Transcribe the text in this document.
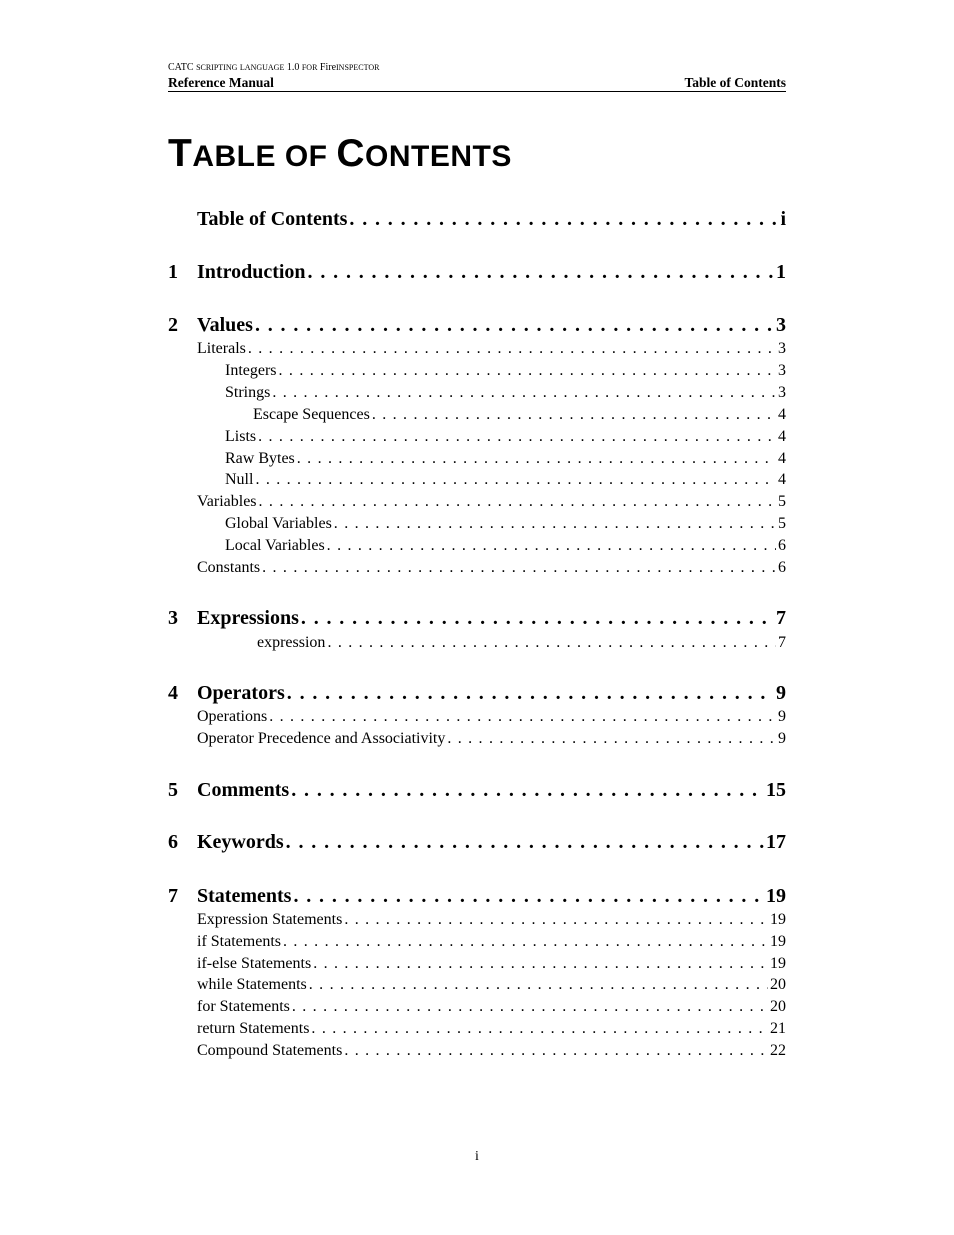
CATC SCRIPTING LANGUAGE 1.0 FOR FireINSPECTOR
Reference Manual	Table of Contents
TABLE OF CONTENTS
Table of Contents . . .	i
1 Introduction . . .	1
2 Values . . .	3
Literals . . .	3
Integers . . .	3
Strings . . .	3
Escape Sequences . . .	4
Lists . . .	4
Raw Bytes . . .	4
Null . . .	4
Variables . . .	5
Global Variables . . .	5
Local Variables . . .	6
Constants . . .	6
3 Expressions . . .	7
expression . . .	7
4 Operators . . .	9
Operations . . .	9
Operator Precedence and Associativity . . .	9
5 Comments . . .	15
6 Keywords . . .	17
7 Statements . . .	19
Expression Statements . . .	19
if Statements . . .	19
if-else Statements . . .	19
while Statements . . .	20
for Statements . . .	20
return Statements . . .	21
Compound Statements . . .	22
i
